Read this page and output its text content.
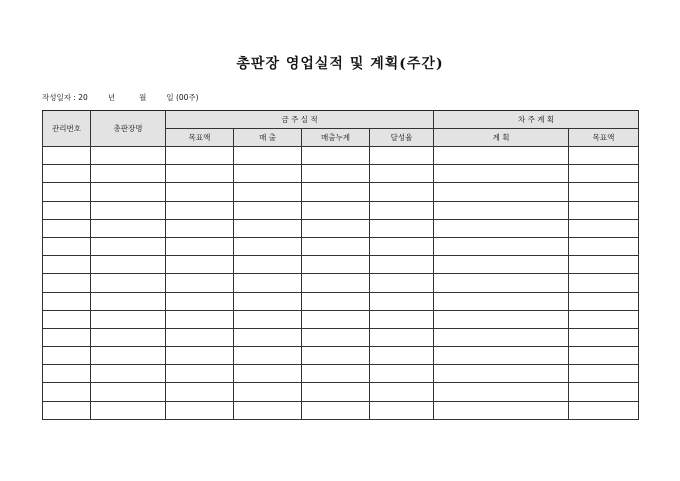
총판장 영업실적 및 계획(주간)
작성일자 : 20	년	월	일 (00주)
관리번호	총판장명	금 주 실 적				차 주 계 획	
		목표액	매 출	매출누계	달성율	계 획	목표액
